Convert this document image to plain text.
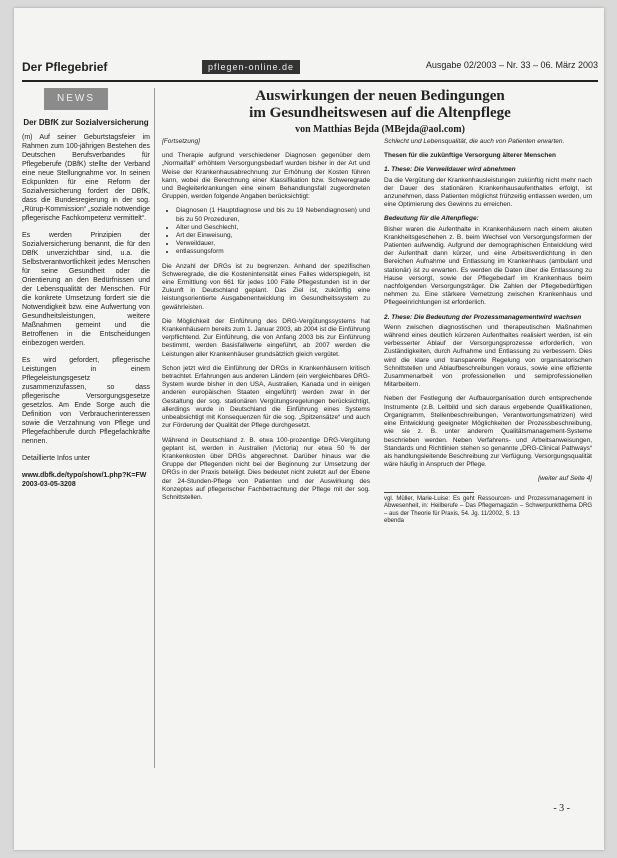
Der Pflegebrief	pflegen-online.de	Ausgabe 02/2003 – Nr. 33 – 06. März 2003
NEWS
Der DBfK zur Sozialversicherung

(m) Auf seiner Geburtstagsfeier im Rahmen zum 100-jährigen Bestehen des Deutschen Berufsverbandes für Pflegeberufe (DBfK) stellte der Verband eine neue Stellungnahme vor. In seinen Eckpunkten für eine Reform der Sozialversicherung fordert der DBfK, dass die Bundesregierung in der sog. „Rürup-Kommission“ „soziale notwendige pflegerische Fachkompetenz vermittelt“.

Es werden Prinzipien der Sozialversicherung benannt, die für den DBfK unverzichtbar sind, u.a. die Selbstverantwortlichkeit jedes Menschen für seine Gesundheit oder die Orientierung an den Bedürfnissen und der Lebensqualität der Menschen. Für die konkrete Umsetzung fordert sie die Notwendigkeit bzw. eine Aufwertung von Gesundheitsleistungen, weitere Maßnahmen gemeint und die Betroffenen in die Entscheidungen einbezogen werden.

Es wird gefordert, pflegerische Leistungen in einem Pflegeleistungsgesetz zusammenzufassen, so dass pflegerische Versorgungsgesetze gesetzlos. Am Ende Sorge auch die Definition von Verbraucherinteressen sowie die Verzahnung von Pflege und Pflegefachberufe durch Pflegefachkräfte nennen.

Detaillierte Infos unter

www.dbfk.de/typo/show/1.php?K=FW2003-03-05-3208
Auswirkungen der neuen Bedingungen
im Gesundheitswesen auf die Altenpflege
von Matthias Bejda (MBejda@aol.com)

[Fortsetzung]

und Therapie aufgrund verschiedener Diagnosen gegenüber dem „Normalfall“ erhöhtem Versorgungsbedarf wurden bisher in der Art und Weise der Krankenhausabrechnung zur Erhöhung der Kosten führen kann, wobei die Berechnung einer Klassifikation bzw. Schweregrade und Begleiterkrankungen eine einem Behandlungsfall zugeordneten Gruppen, werden folgende Angaben berücksichtigt:

• Diagnosen (1 Hauptdiagnose und bis zu 19 Nebendiagnosen) und bis zu 50 Prozeduren,
• Alter und Geschlecht,
• Art der Einweisung,
• Verweildauer,
• entlassungsform

Die Anzahl der DRGs ist zu begrenzen. Anhand der spezifischen Schweregrade, die die Kostenintensität eines Falles widerspiegeln, ist eine Ermittlung von 661 für jedes 100 Fälle Pflegestunden ist in der Zukunft in Deutschland geplant. Das Ziel ist, zukünftig eine leistungsorientierte Ausgabenentwicklung im Gesundheitssystem zu gewährleisten.

Die Möglichkeit der Einführung des DRG-Vergütungssystems hat Krankenhäusern bereits zum 1. Januar 2003, ab 2004 ist die Einführung verpflichtend. Zur Einführung, die von Anfang 2003 bis zur Einführung bestimmt, werden Basisfallwerte eingeführt, ab 2007 werden die Leistungen aller Krankenhäuser grundsätzlich gleich vergütet.

Schon jetzt wird die Einführung der DRGs in Krankenhäusern kritisch betrachtet. Erfahrungen aus anderen Ländern (ein vergleichbares DRG-System wurde bisher in den USA, Australien, Kanada und in einigen anderen europäischen Staaten eingeführt) werden zwar in der Gestaltung der sog. stationären Vergütungsregelungen berücksichtigt, allerdings wurde in Deutschland die Einführung eines Systems unbeabsichtigt mit Konsequenzen für die sog. „Spitzensätze“ und auch zur Förderung der Qualität der Pflege durchgesetzt.

Während in Deutschland z. B. etwa 100-prozentige DRG-Vergütung geplant ist, werden in Australien (Victoria) nur etwa 50 % der Krankenkosten über DRGs abgerechnet. Darüber hinaus war die Gruppe der Pflegenden nicht bei der Beginnung zur Umsetzung der DRGs in der Praxis beteiligt. Dies bedeutet nicht zuletzt auf der Ebene der 24-Stunden-Pflege von Patienten und der Auswirkung des Konzeptes auf pflegerischer Fachbetrachtung der Pflege mit der sog. Schnittstellen.

Schlecht und Lebensqualität, die auch von Patienten erwarten.

Thesen für die zukünftige Versorgung älterer Menschen

1. These: Die Verweildauer wird abnehmen

Da die Vergütung der Krankenhausleistungen zukünftig nicht mehr nach der Dauer des stationären Krankenhausaufenthaltes erfolgt, ist anzunehmen, dass Patienten möglichst frühzeitig entlassen werden, um eine Optimierung des Gewinns zu erreichen.

Bedeutung für die Altenpflege:

Bisher waren die Aufenthalte in Krankenhäusern nach einem akuten Krankheitsgeschehen z. B. beim Wechsel von Versorgungsformen der Patienten aufwendig. Aufgrund der demographischen Entwicklung wird der Aufenthalt dann kürzer, und eine Arbeitsverdichtung in den Bereichen Aufnahme und Entlassung im Krankenhaus (ambulant und stationär) ist zu erwarten. Es werden die Daten über die Entlassung zu Hause versorgt, sowie der Pflegebedarf im Krankenhaus beim nachfolgenden Versorgungsträger. Die Zahlen der Pflegebedürftigen nehmen zu. Eine stärkere Vernetzung zwischen Krankenhaus und Pflegeeinrichtungen ist erforderlich.

2. These: Die Bedeutung der Prozessmanagementwird wachsen

Wenn zwischen diagnostischen und therapeutischen Maßnahmen während eines deutlich kürzeren Aufenthaltes realisiert werden, ist ein verbesserter Ablauf der Versorgungsprozesse erforderlich, von Zuständigkeiten, durch Aufnahme und Entlassung zu verbessern. Dies wird die klare und transparente Regelung von organisatorischen Schnittstellen und Ablaufbeschreibungen voraus, sowie eine effiziente Zusammenarbeit von professionellen und semiprofessionellen Mitarbeitern.

Neben der Festlegung der Aufbauorganisation durch entsprechende Instrumente (z.B. Leitbild und sich daraus ergebende Qualifikationen, Organigramm, Stellenbeschreibungen, Verantwortungsmatrizen) wird eine Entwicklung geeigneter Möglichkeiten der Prozessbeschreibung, wie sie z. B. unter anderem Qualitätsmanagement-Systeme beschrieben werden. Neben Verfahrens- und Arbeitsanweisungen, Standards und Richtlinien stehen so genannte „DRG-Clinical Pathways“ als handlungsleitende Beschreibung zur Verfügung. Versorgungsqualität wäre häufig in Anspruch der Pflege.

[weiter auf Seite 4]
vgl. Müller, Marie-Luise: Es geht Ressourcen- und Prozessmanagement in Abwesenheit, in: Heilberufe – Das Pflegemagazin – Schwerpunktthema DRG – aus der Theorie für Praxis, 54. Jg. 11/2002, S. 13
ebenda
- 3 -
